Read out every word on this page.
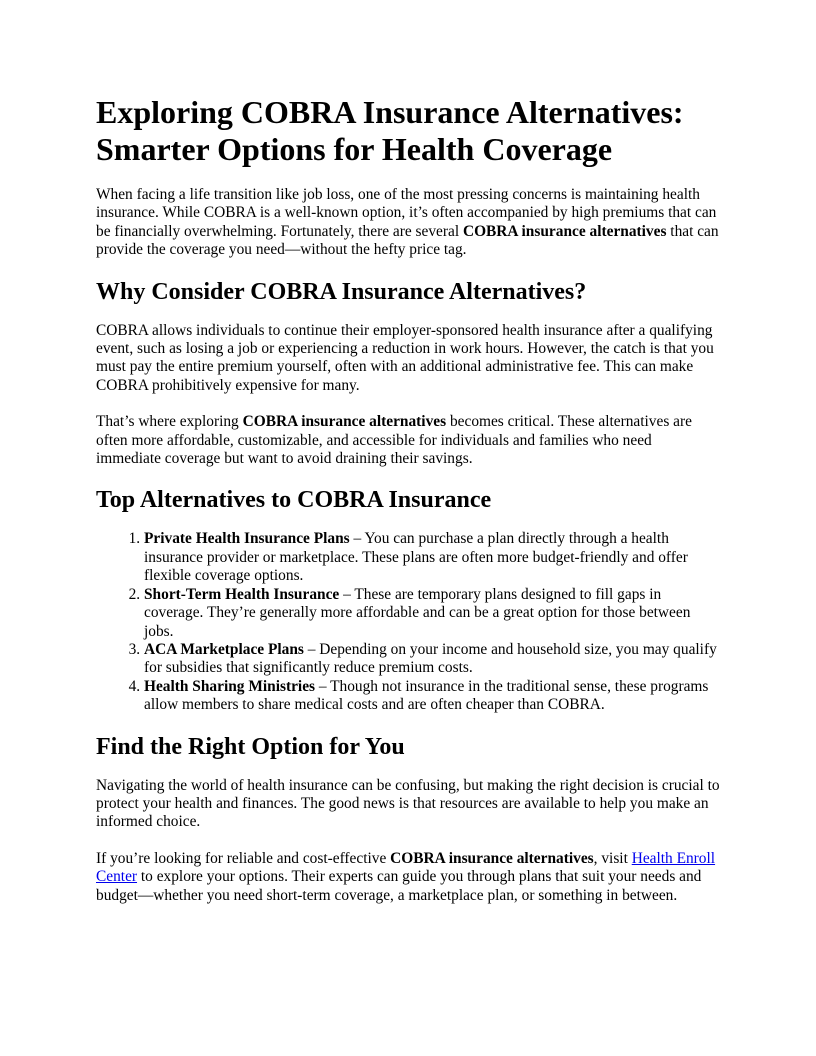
Exploring COBRA Insurance Alternatives:
Smarter Options for Health Coverage

When facing a life transition like job loss, one of the most pressing concerns is maintaining health insurance. While COBRA is a well-known option, it’s often accompanied by high premiums that can be financially overwhelming. Fortunately, there are several COBRA insurance alternatives that can provide the coverage you need—without the hefty price tag.

Why Consider COBRA Insurance Alternatives?

COBRA allows individuals to continue their employer-sponsored health insurance after a qualifying event, such as losing a job or experiencing a reduction in work hours. However, the catch is that you must pay the entire premium yourself, often with an additional administrative fee. This can make COBRA prohibitively expensive for many.

That’s where exploring COBRA insurance alternatives becomes critical. These alternatives are often more affordable, customizable, and accessible for individuals and families who need immediate coverage but want to avoid draining their savings.

Top Alternatives to COBRA Insurance
1. Private Health Insurance Plans – You can purchase a plan directly through a health insurance provider or marketplace. These plans are often more budget-friendly and offer flexible coverage options.
2. Short-Term Health Insurance – These are temporary plans designed to fill gaps in coverage. They’re generally more affordable and can be a great option for those between jobs.
3. ACA Marketplace Plans – Depending on your income and household size, you may qualify for subsidies that significantly reduce premium costs.
4. Health Sharing Ministries – Though not insurance in the traditional sense, these programs allow members to share medical costs and are often cheaper than COBRA.
Find the Right Option for You

Navigating the world of health insurance can be confusing, but making the right decision is crucial to protect your health and finances. The good news is that resources are available to help you make an informed choice.

If you’re looking for reliable and cost-effective COBRA insurance alternatives, visit Health Enroll Center to explore your options. Their experts can guide you through plans that suit your needs and budget—whether you need short-term coverage, a marketplace plan, or something in between.
